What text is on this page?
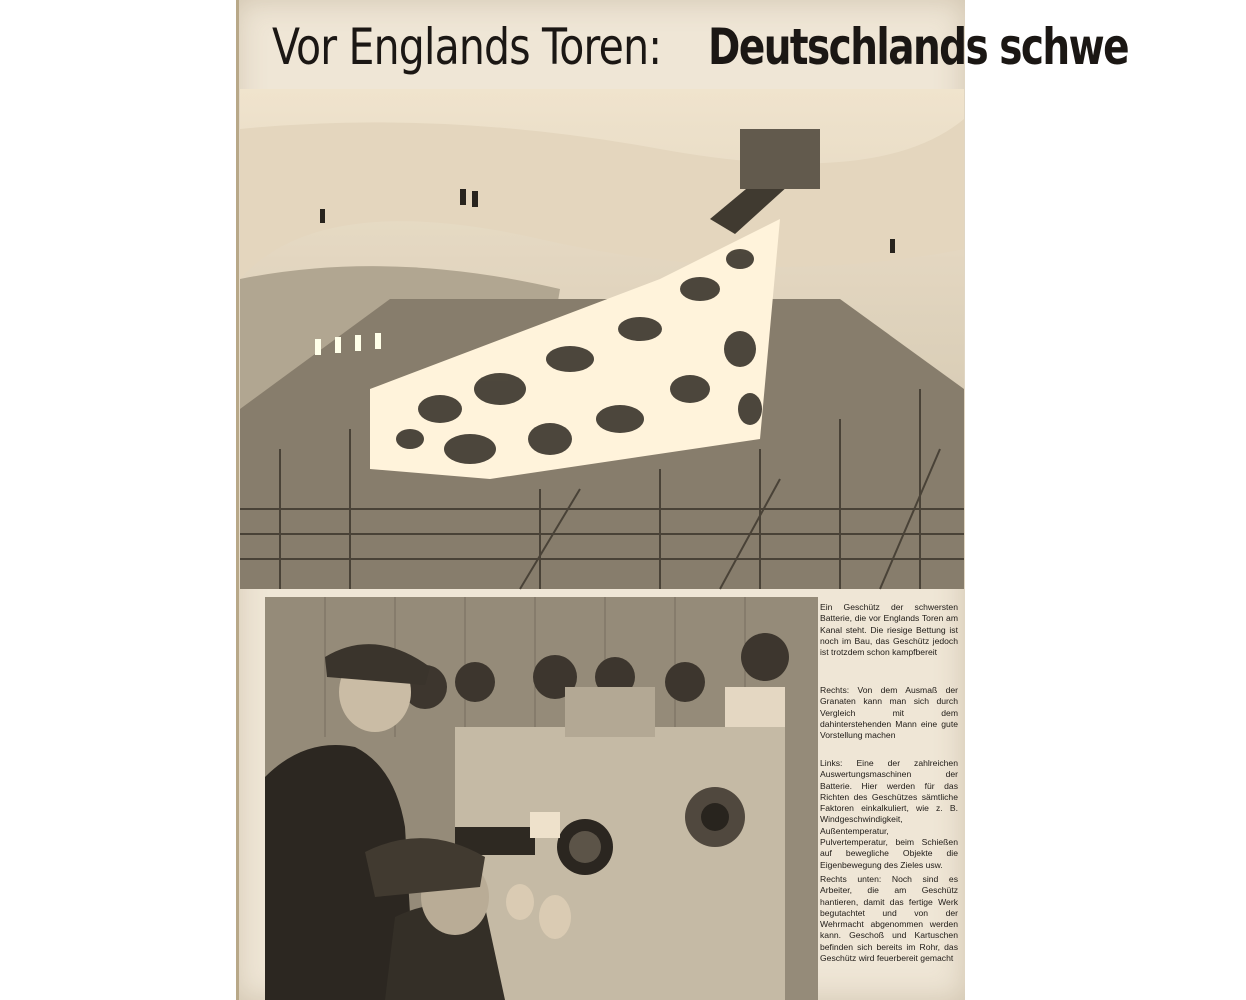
Vor Englands Toren: Deutschlands schwe
Ein Geschütz der schwersten Batterie, die vor Englands Toren am Kanal steht. Die riesige Bettung ist noch im Bau, das Geschütz jedoch ist trotzdem schon kampfbereit
Rechts: Von dem Ausmaß der Granaten kann man sich durch Vergleich mit dem dahinterstehenden Mann eine gute Vorstellung machen
Links: Eine der zahlreichen Auswertungsmaschinen der Batterie. Hier werden für das Richten des Geschützes sämtliche Faktoren einkalkuliert, wie z. B. Windgeschwindigkeit, Außentemperatur, Pulvertemperatur, beim Schießen auf bewegliche Objekte die Eigenbewegung des Zieles usw.
Rechts unten: Noch sind es Arbeiter, die am Geschütz hantieren, damit das fertige Werk begutachtet und von der Wehrmacht abgenommen werden kann. Geschoß und Kartuschen befinden sich bereits im Rohr, das Geschütz wird feuerbereit gemacht
